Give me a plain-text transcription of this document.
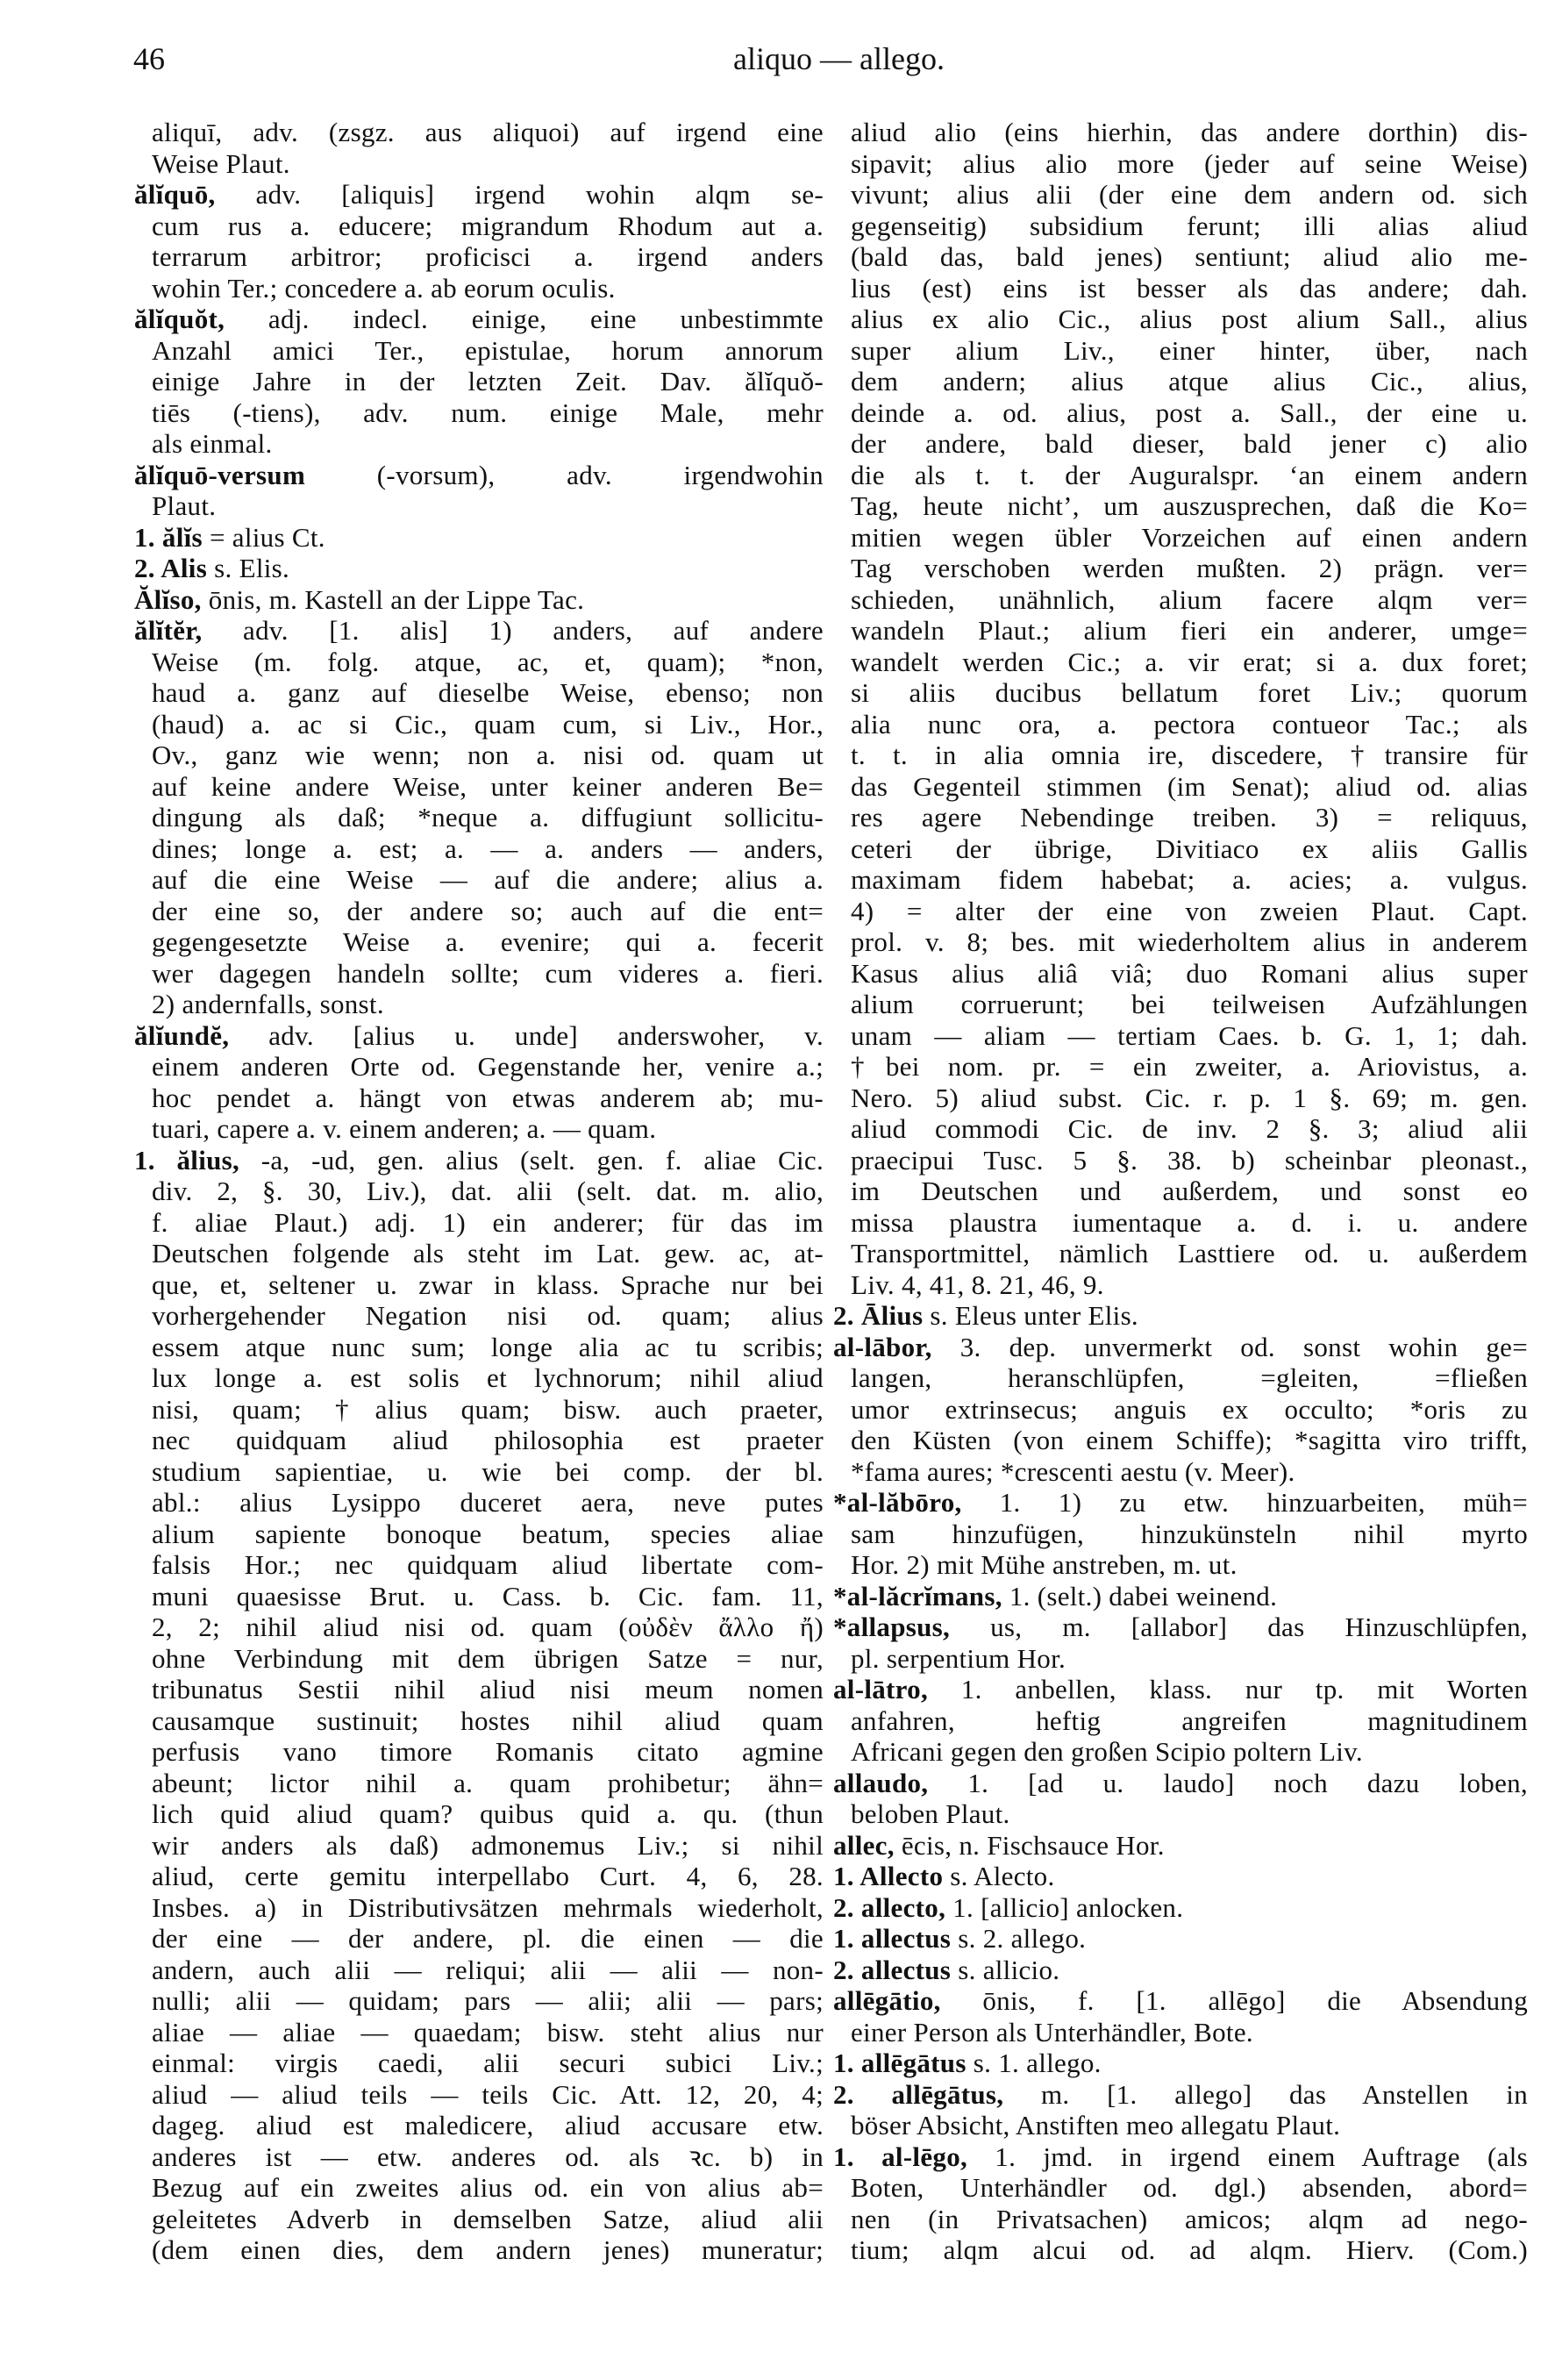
46	aliquo — allego.
aliquī, adv. (zsgz. aus aliquoi) auf irgend eine
Weise Plaut.
ălĭquō, adv. [aliquis] irgend wohin alqm se-
cum rus a. educere; migrandum Rhodum aut a.
terrarum arbitror; proficisci a. irgend anders
wohin Ter.; concedere a. ab eorum oculis.
ălĭquŏt, adj. indecl. einige, eine unbestimmte
Anzahl amici Ter., epistulae, horum annorum
einige Jahre in der letzten Zeit. Dav. ălĭquŏ-
tiēs (-tiens), adv. num. einige Male, mehr
als einmal.
ălĭquō-versum (-vorsum), adv. irgendwohin
Plaut.
1. ălĭs = alius Ct.
2. Alis s. Elis.
Ălĭso, ōnis, m. Kastell an der Lippe Tac.
ălĭtĕr, adv. [1. alis] 1) anders, auf andere
Weise (m. folg. atque, ac, et, quam); *non,
haud a. ganz auf dieselbe Weise, ebenso; non
(haud) a. ac si Cic., quam cum, si Liv., Hor.,
Ov., ganz wie wenn; non a. nisi od. quam ut
auf keine andere Weise, unter keiner anderen Be=
dingung als daß; *neque a. diffugiunt sollicitu-
dines; longe a. est; a. — a. anders — anders,
auf die eine Weise — auf die andere; alius a.
der eine so, der andere so; auch auf die ent=
gegengesetzte Weise a. evenire; qui a. fecerit
wer dagegen handeln sollte; cum videres a. fieri.
2) andernfalls, sonst.
ălĭundĕ, adv. [alius u. unde] anderswoher, v.
einem anderen Orte od. Gegenstande her, venire a.;
hoc pendet a. hängt von etwas anderem ab; mu-
tuari, capere a. v. einem anderen; a. — quam.
1. ălius, -a, -ud, gen. alius (selt. gen. f. aliae Cic.
div. 2, §. 30, Liv.), dat. alii (selt. dat. m. alio,
f. aliae Plaut.) adj. 1) ein anderer; für das im
Deutschen folgende als steht im Lat. gew. ac, at-
que, et, seltener u. zwar in klass. Sprache nur bei
vorhergehender Negation nisi od. quam; alius
essem atque nunc sum; longe alia ac tu scribis;
lux longe a. est solis et lychnorum; nihil aliud
nisi, quam; †alius quam; bisw. auch praeter,
nec quidquam aliud philosophia est praeter
studium sapientiae, u. wie bei comp. der bl.
abl.: alius Lysippo duceret aera, neve putes
alium sapiente bonoque beatum, species aliae
falsis Hor.; nec quidquam aliud libertate com-
muni quaesisse Brut. u. Cass. b. Cic. fam. 11,
2, 2; nihil aliud nisi od. quam (οὐδὲν ἄλλο ἤ)
ohne Verbindung mit dem übrigen Satze = nur,
tribunatus Sestii nihil aliud nisi meum nomen
causamque sustinuit; hostes nihil aliud quam
perfusis vano timore Romanis citato agmine
abeunt; lictor nihil a. quam prohibetur; ähn=
lich quid aliud quam? quibus quid a. qu. (thun
wir anders als daß) admonemus Liv.; si nihil
aliud, certe gemitu interpellabo Curt. 4, 6, 28.
Insbes. a) in Distributivsätzen mehrmals wiederholt,
der eine — der andere, pl. die einen — die
andern, auch alii — reliqui; alii — alii — non-
nulli; alii — quidam; pars — alii; alii — pars;
aliae — aliae — quaedam; bisw. steht alius nur
einmal: virgis caedi, alii securi subici Liv.;
aliud — aliud teils — teils Cic. Att. 12, 20, 4;
dageg. aliud est maledicere, aliud accusare etw.
anderes ist — etw. anderes od. als ꝛc. b) in
Bezug auf ein zweites alius od. ein von alius ab=
geleitetes Adverb in demselben Satze, aliud alii
(dem einen dies, dem andern jenes) muneratur;
aliud alio (eins hierhin, das andere dorthin) dis-
sipavit; alius alio more (jeder auf seine Weise)
vivunt; alius alii (der eine dem andern od. sich
gegenseitig) subsidium ferunt; illi alias aliud
(bald das, bald jenes) sentiunt; aliud alio me-
lius (est) eins ist besser als das andere; dah.
alius ex alio Cic., alius post alium Sall., alius
super alium Liv., einer hinter, über, nach
dem andern; alius atque alius Cic., alius,
deinde a. od. alius, post a. Sall., der eine u.
der andere, bald dieser, bald jener c) alio
die als t. t. der Auguralspr. ‘an einem andern
Tag, heute nicht’, um auszusprechen, daß die Ko=
mitien wegen übler Vorzeichen auf einen andern
Tag verschoben werden mußten. 2) prägn. ver=
schieden, unähnlich, alium facere alqm ver=
wandeln Plaut.; alium fieri ein anderer, umge=
wandelt werden Cic.; a. vir erat; si a. dux foret;
si aliis ducibus bellatum foret Liv.; quorum
alia nunc ora, a. pectora contueor Tac.; als
t. t. in alia omnia ire, discedere, †transire für
das Gegenteil stimmen (im Senat); aliud od. alias
res agere Nebendinge treiben. 3) = reliquus,
ceteri der übrige, Divitiaco ex aliis Gallis
maximam fidem habebat; a. acies; a. vulgus.
4) = alter der eine von zweien Plaut. Capt.
prol. v. 8; bes. mit wiederholtem alius in anderem
Kasus alius aliâ viâ; duo Romani alius super
alium corruerunt; bei teilweisen Aufzählungen
unam — aliam — tertiam Caes. b. G. 1, 1; dah.
†bei nom. pr. = ein zweiter, a. Ariovistus, a.
Nero. 5) aliud subst. Cic. r. p. 1 §. 69; m. gen.
aliud commodi Cic. de inv. 2 §. 3; aliud alii
praecipui Tusc. 5 §. 38. b) scheinbar pleonast.,
im Deutschen und außerdem, und sonst eo
missa plaustra iumentaque a. d. i. u. andere
Transportmittel, nämlich Lasttiere od. u. außerdem
Liv. 4, 41, 8. 21, 46, 9.
2. Ālius s. Eleus unter Elis.
al-lābor, 3. dep. unvermerkt od. sonst wohin ge=
langen, heranschlüpfen, =gleiten, =fließen
umor extrinsecus; anguis ex occulto; *oris zu
den Küsten (von einem Schiffe); *sagitta viro trifft,
*fama aures; *crescenti aestu (v. Meer).
*al-lăbōro, 1. 1) zu etw. hinzuarbeiten, müh=
sam hinzufügen, hinzukünsteln nihil myrto
Hor. 2) mit Mühe anstreben, m. ut.
*al-lăcrĭmans, 1. (selt.) dabei weinend.
*allapsus, us, m. [allabor] das Hinzuschlüpfen,
pl. serpentium Hor.
al-lātro, 1. anbellen, klass. nur tp. mit Worten
anfahren, heftig angreifen magnitudinem
Africani gegen den großen Scipio poltern Liv.
allaudo, 1. [ad u. laudo] noch dazu loben,
beloben Plaut.
allec, ēcis, n. Fischsauce Hor.
1. Allecto s. Alecto.
2. allecto, 1. [allicio] anlocken.
1. allectus s. 2. allego.
2. allectus s. allicio.
allēgātio, ōnis, f. [1. allēgo] die Absendung
einer Person als Unterhändler, Bote.
1. allēgātus s. 1. allego.
2. allēgātus, m. [1. allego] das Anstellen in
böser Absicht, Anstiften meo allegatu Plaut.
1. al-lēgo, 1. jmd. in irgend einem Auftrage (als
Boten, Unterhändler od. dgl.) absenden, abord=
nen (in Privatsachen) amicos; alqm ad nego-
tium; alqm alcui od. ad alqm. Hierv. (Com.)
